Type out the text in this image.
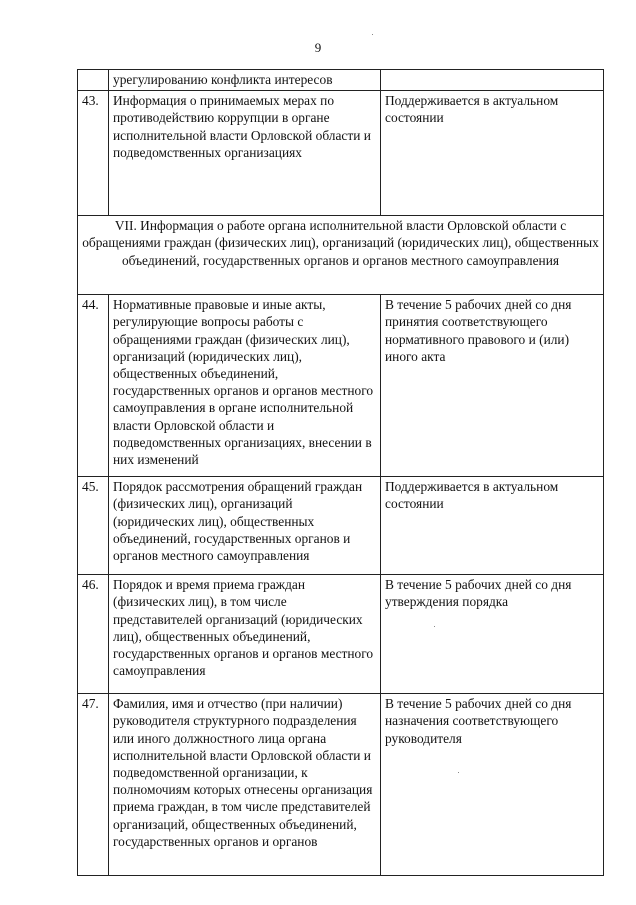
9
	урегулированию конфликта интересов	
43.	Информация о принимаемых мерах по противодействию коррупции в органе исполнительной власти Орловской области и подведомственных организациях	Поддерживается в актуальном состоянии
VII. Информация о работе органа исполнительной власти Орловской области с обращениями граждан (физических лиц), организаций (юридических лиц), общественных объединений, государственных органов и органов местного самоуправления		
44.	Нормативные правовые и иные акты, регулирующие вопросы работы с обращениями граждан (физических лиц), организаций (юридических лиц), общественных объединений, государственных органов и органов местного самоуправления в органе исполнительной власти Орловской области и подведомственных организациях, внесении в них изменений	В течение 5 рабочих дней со дня принятия соответствующего нормативного правового и (или) иного акта
45.	Порядок рассмотрения обращений граждан (физических лиц), организаций (юридических лиц), общественных объединений, государственных органов и органов местного самоуправления	Поддерживается в актуальном состоянии
46.	Порядок и время приема граждан (физических лиц), в том числе представителей организаций (юридических лиц), общественных объединений, государственных органов и органов местного самоуправления	В течение 5 рабочих дней со дня утверждения порядка
47.	Фамилия, имя и отчество (при наличии) руководителя структурного подразделения или иного должностного лица органа исполнительной власти Орловской области и подведомственной организации, к полномочиям которых отнесены организация приема граждан, в том числе представителей организаций, общественных объединений, государственных органов и органов	В течение 5 рабочих дней со дня назначения соответствующего руководителя
